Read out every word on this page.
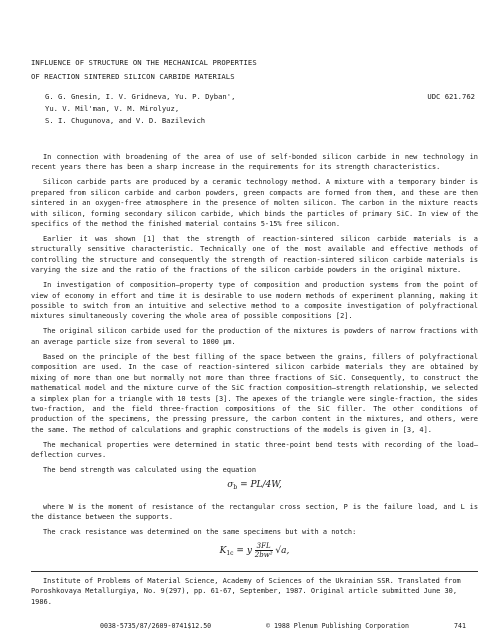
INFLUENCE OF STRUCTURE ON THE MECHANICAL PROPERTIES
OF REACTION SINTERED SILICON CARBIDE MATERIALS
G. G. Gnesin, I. V. Gridneva, Yu. P. Dyban',
Yu. V. Mil'man, V. M. Mirolyuz,
S. I. Chugunova, and V. D. Bazilevich
UDC 621.762

In connection with broadening of the area of use of self-bonded silicon carbide in new technology in recent years there has been a sharp increase in the requirements for its strength characteristics.

Silicon carbide parts are produced by a ceramic technology method. A mixture with a temporary binder is prepared from silicon carbide and carbon powders, green compacts are formed from them, and these are then sintered in an oxygen-free atmosphere in the presence of molten silicon. The carbon in the mixture reacts with silicon, forming secondary silicon carbide, which binds the particles of primary SiC. In view of the specifics of the method the finished material contains 5-15% free silicon.

Earlier it was shown [1] that the strength of reaction-sintered silicon carbide materials is a structurally sensitive characteristic. Technically one of the most available and effective methods of controlling the structure and consequently the strength of reaction-sintered silicon carbide materials is varying the size and the ratio of the fractions of the silicon carbide powders in the original mixture.

In investigation of composition—property type of composition and production systems from the point of view of economy in effort and time it is desirable to use modern methods of experiment planning, making it possible to switch from an intuitive and selective method to a composite investigation of polyfractional mixtures simultaneously covering the whole area of possible compositions [2].

The original silicon carbide used for the production of the mixtures is powders of narrow fractions with an average particle size from several to 1000 μm.

Based on the principle of the best filling of the space between the grains, fillers of polyfractional composition are used. In the case of reaction-sintered silicon carbide materials they are obtained by mixing of more than one but normally not more than three fractions of SiC. Consequently, to construct the mathematical model and the mixture curve of the SiC fraction composition—strength relationship, we selected a simplex plan for a triangle with 10 tests [3]. The apexes of the triangle were single-fraction, the sides two-fraction, and the field three-fraction compositions of the SiC filler. The other conditions of production of the specimens, the pressing pressure, the carbon content in the mixtures, and others, were the same. The method of calculations and graphic constructions of the models is given in [3, 4].

The mechanical properties were determined in static three-point bend tests with recording of the load—deflection curves.

The bend strength was calculated using the equation

$\sigma_b = PL/4W$,

where W is the moment of resistance of the rectangular cross section, P is the failure load, and L is the distance between the supports.

The crack resistance was determined on the same specimens but with a notch:

$K_{1c} = y \frac{3FL}{\text{2bw²}} √a$,
Institute of Problems of Material Science, Academy of Sciences of the Ukrainian SSR. Translated from Poroshkovaya Metallurgiya, No. 9(297), pp. 61-67, September, 1987. Original article submitted June 30, 1986.
0038-5735/87/2609-0741$12.50	© 1988 Plenum Publishing Corporation	741
